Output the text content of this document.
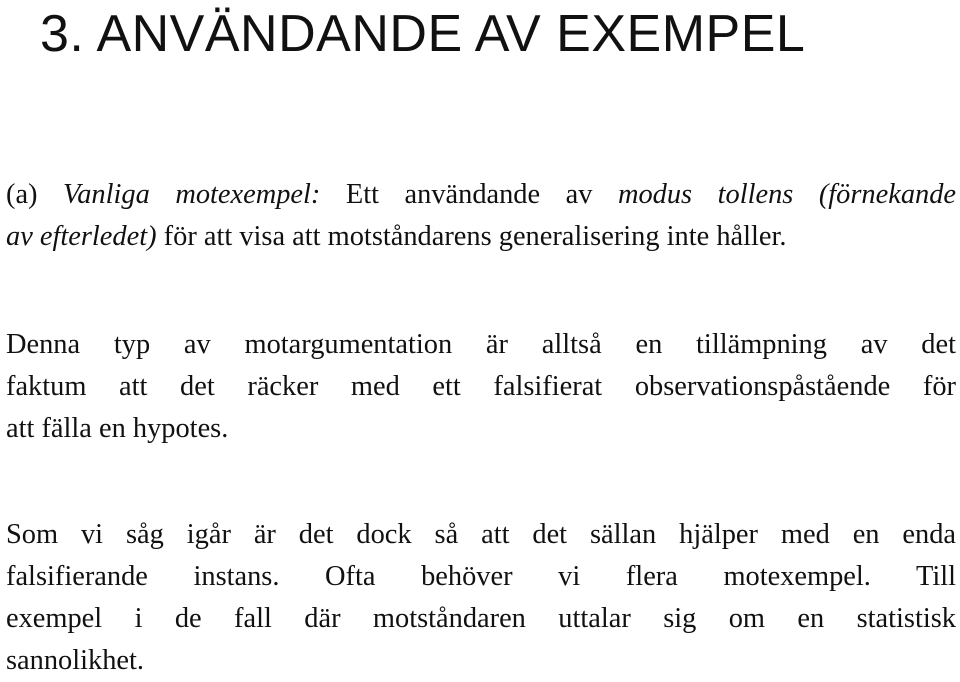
3. ANVÄNDANDE AV EXEMPEL

(a) Vanliga motexempel: Ett användande av modus tollens (förnekande
av efterledet) för att visa att motståndarens generalisering inte håller.

Denna typ av motargumentation är alltså en tillämpning av det
faktum att det räcker med ett falsifierat observationspåstående för
att fälla en hypotes.

Som vi såg igår är det dock så att det sällan hjälper med en enda
falsifierande instans. Ofta behöver vi flera motexempel. Till
exempel i de fall där motståndaren uttalar sig om en statistisk
sannolikhet.
